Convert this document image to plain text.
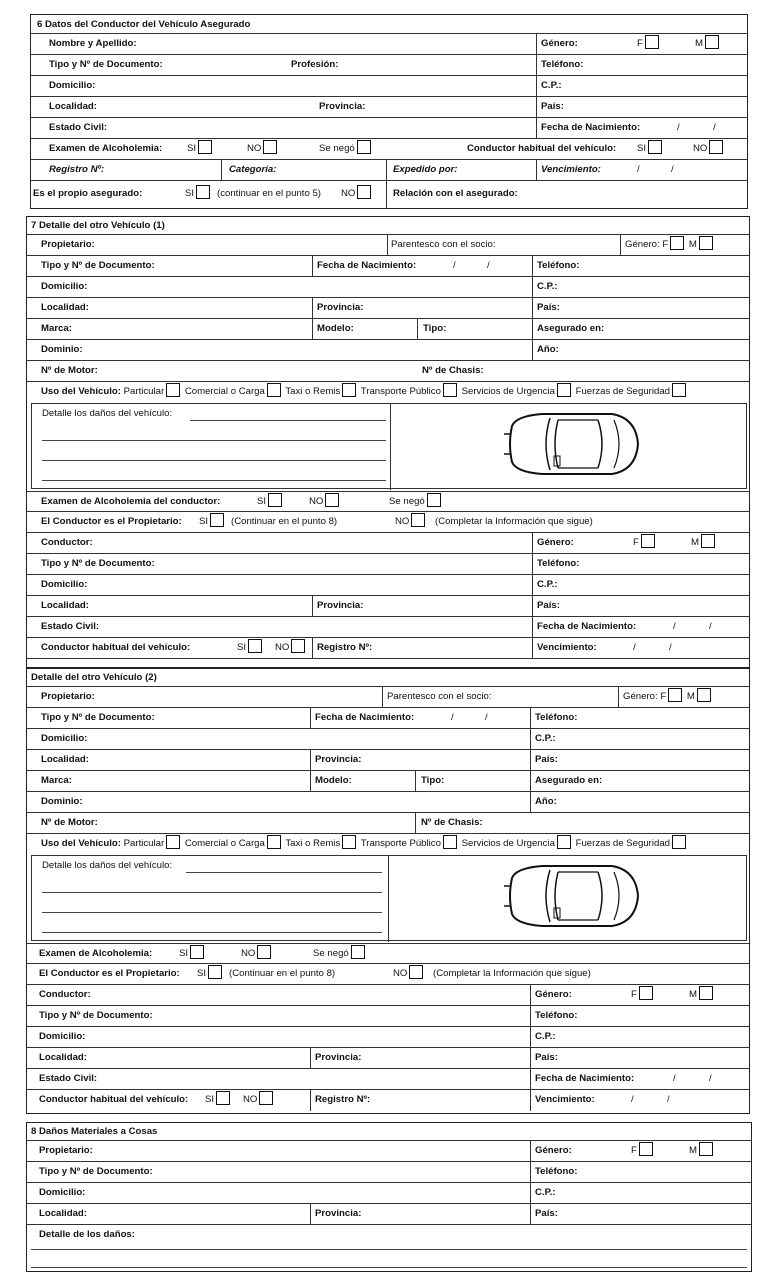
6 Datos del Conductor del Vehículo Asegurado
Nombre y Apellido:	Género:	F	M
Tipo y Nº de Documento:	Profesión:	Teléfono:
Domicilio:	C.P.:
Localidad:	Provincia:	País:
Estado Civil:	Fecha de Nacimiento:	/	/
Examen de Alcoholemia:	SI	NO	Se negó	Conductor habitual del vehículo: SI	NO
Registro Nº:	Categoría:	Expedido por:	Vencimiento:	/	/
Es el propio asegurado:	SI	(continuar en el punto 5) NO	Relación con el asegurado:
7 Detalle del otro Vehículo (1)
Propietario:	Parentesco con el socio:	Género: F M
Tipo y Nº de Documento:	Fecha de Nacimiento:	/	/	Teléfono:
Domicilio:	C.P.:
Localidad:	Provincia:	País:
Marca:	Modelo:	Tipo:	Asegurado en:
Dominio:	Año:
Nº de Motor:	Nº de Chasis:
Uso del Vehículo: Particular Comercial o Carga Taxi o Remis Transporte Público Servicios de Urgencia Fuerzas de Seguridad
Detalle los daños del vehículo:
Examen de Alcoholemia del conductor:	SI	NO	Se negó
El Conductor es el Propietario: SI	(Continuar en el punto 8)	NO	(Completar la Información que sigue)
Conductor:	Género:	F	M
Tipo y Nº de Documento:	Teléfono:
Domicilio:	C.P.:
Localidad:	Provincia:	País:
Estado Civil:	Fecha de Nacimiento:	/	/
Conductor habitual del vehículo:	SI	NO	Registro Nº:	Vencimiento:	/	/
Detalle del otro Vehículo (2)
Propietario:	Parentesco con el socio:	Género: F M
Tipo y Nº de Documento:	Fecha de Nacimiento:	/	/	Teléfono:
Domicilio:	C.P.:
Localidad:	Provincia:	País:
Marca:	Modelo:	Tipo:	Asegurado en:
Dominio:	Año:
Nº de Motor:	Nº de Chasis:
Uso del Vehículo: Particular Comercial o Carga Taxi o Remis Transporte Público Servicios de Urgencia Fuerzas de Seguridad
Detalle los daños del vehículo:
Examen de Alcoholemia:	SI	NO	Se negó
El Conductor es el Propietario: SI	(Continuar en el punto 8)	NO	(Completar la Información que sigue)
Conductor:	Género:	F	M
Tipo y Nº de Documento:	Teléfono:
Domicilio:	C.P.:
Localidad:	Provincia:	País:
Estado Civil:	Fecha de Nacimiento:	/	/
Conductor habitual del vehículo: SI	NO	Registro Nº:	Vencimiento:	/	/
8 Daños Materiales a Cosas
Propietario:	Género:	F	M
Tipo y Nº de Documento:	Teléfono:
Domicilio:	C.P.:
Localidad:	Provincia:	País:
Detalle de los daños:
